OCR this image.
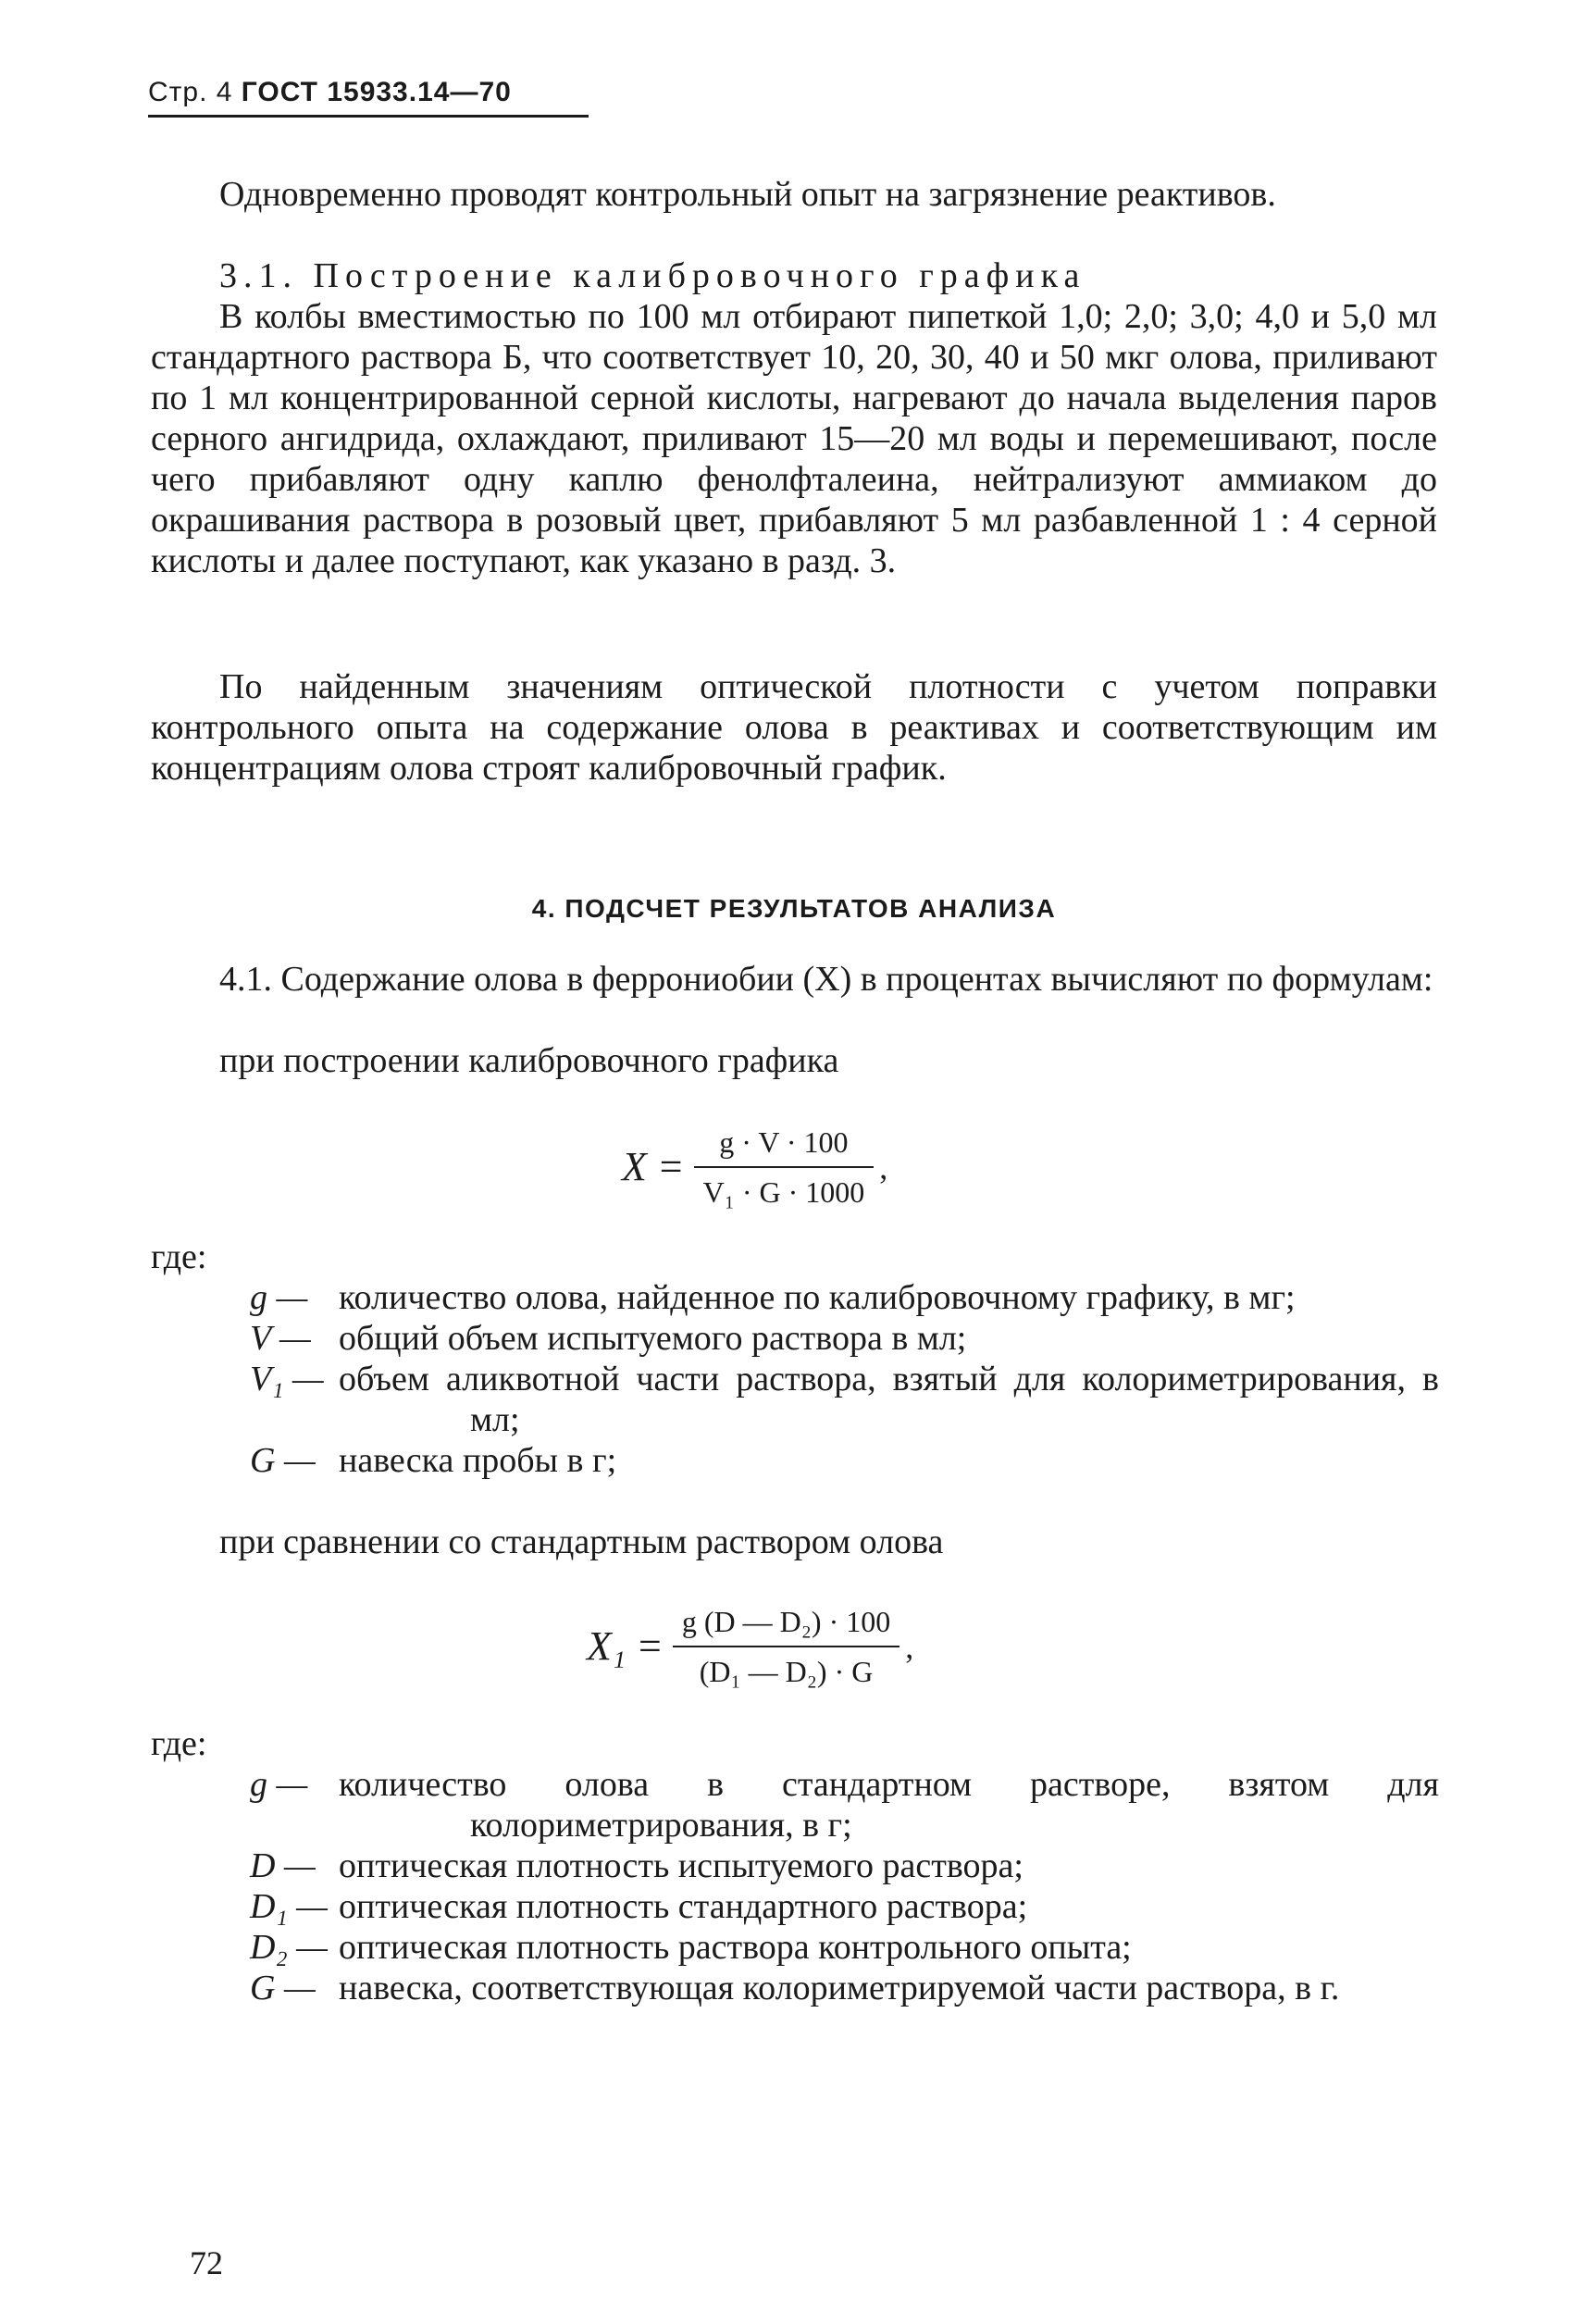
Стр. 4 ГОСТ 15933.14—70
Одновременно проводят контрольный опыт на загрязнение реактивов.
3.1. Построение калибровочного графика
В колбы вместимостью по 100 мл отбирают пипеткой 1,0; 2,0; 3,0; 4,0 и 5,0 мл стандартного раствора Б, что соответствует 10, 20, 30, 40 и 50 мкг олова, приливают по 1 мл концентрированной серной кислоты, нагревают до начала выделения паров серного ангидрида, охлаждают, приливают 15—20 мл воды и перемешивают, после чего прибавляют одну каплю фенолфталеина, нейтрализуют аммиаком до окрашивания раствора в розовый цвет, прибавляют 5 мл разбавленной 1 : 4 серной кислоты и далее поступают, как указано в разд. 3.
По найденным значениям оптической плотности с учетом поправки контрольного опыта на содержание олова в реактивах и соответствующим им концентрациям олова строят калибровочный график.
4. ПОДСЧЕТ РЕЗУЛЬТАТОВ АНАЛИЗА
4.1. Содержание олова в феррониобии (X) в процентах вычисляют по формулам:
при построении калибровочного графика
$X = \frac{g \cdot V \cdot 100}{\text{V₁ · G · 1000}}$ ,
где:
g — количество олова, найденное по калибровочному графику, в мг;
V — общий объем испытуемого раствора в мл;
V₁ — объем аликвотной части раствора, взятый для колориметрирования, в мл;
G — навеска пробы в г;
при сравнении со стандартным раствором олова
$X_1 = \frac{\text{g (D — D₂) · 100}}{\text{(D₁ — D₂) · G}}$ ,
где:
g — количество олова в стандартном растворе, взятом для колориметрирования, в г;
D — оптическая плотность испытуемого раствора;
D₁ — оптическая плотность стандартного раствора;
D₂ — оптическая плотность раствора контрольного опыта;
G — навеска, соответствующая колориметрируемой части раствора, в г.
72
